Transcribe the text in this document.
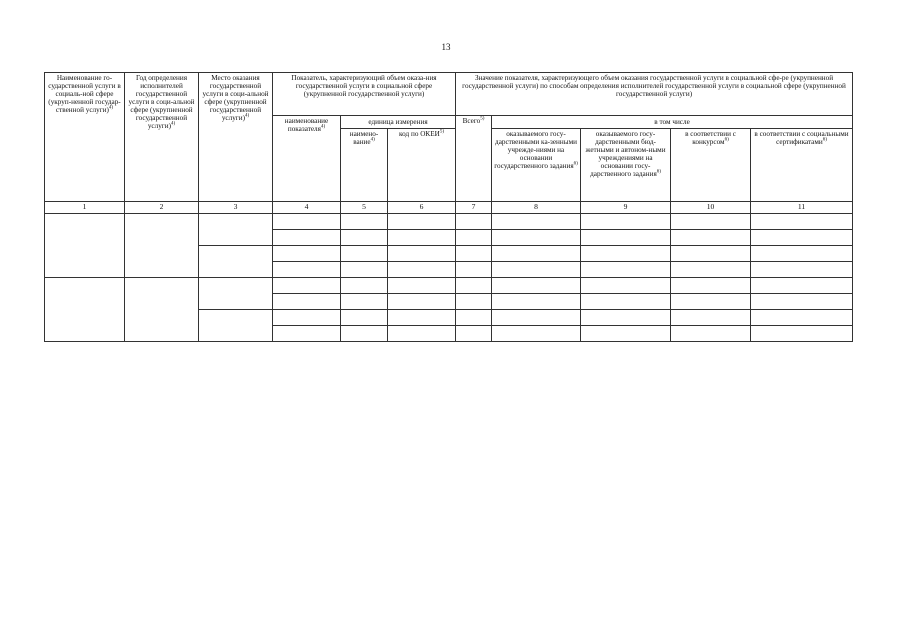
13
Наименование го-сударственной услуги в социаль-ной сфере (укруп-ненной государ-ственной услуги)$^{4)}$	Год определения исполнителей государственной услуги в соци-альной сфере (укрупненной государственной услуги)$^{4)}$	Место оказания государственной услуги в соци-альной сфере (укрупненной государственной услуги)$^{4)}$	Показатель, характеризующий объем оказа-ния государственной услуги в социальной сфере (укрупненной государственной услуги)			Значение показателя, характеризующего объем оказания государственной услуги в социальной сфе-ре (укрупненной государственной услуги) по способам определения исполнителей государственной услуги в социальной сфере (укрупненной государственной услуги)				
			наименование показателя$^{4)}$	единица измерения		Всего$^{5)}$	в том числе			
				наимено-вание$^{4)}$	код по ОКЕИ$^{5)}$		оказываемого госу-дарственными ка-зенными учрежде-ниями на основании государственного задания$^{6)}$	оказываемого госу-дарственными бюд-жетными и автоном-ными учреждениями на основании госу-дарственного задания$^{6)}$	в соответствии с конкурсом$^{6)}$	в соответствии с социальными сертификатами$^{6)}$
1	2	3	4	5	6	7	8	9	10	11
